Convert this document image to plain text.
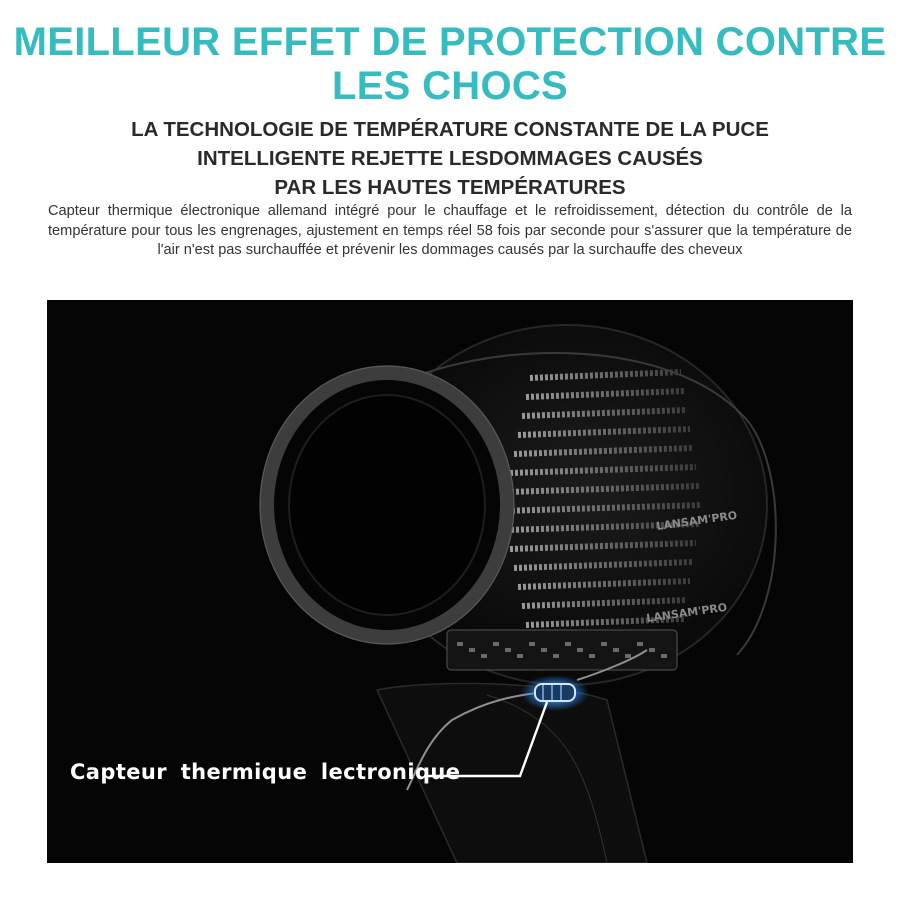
MEILLEUR EFFET DE PROTECTION CONTRE
LES CHOCS
LA TECHNOLOGIE DE TEMPÉRATURE CONSTANTE DE LA PUCE
INTELLIGENTE REJETTE LESDOMMAGES CAUSÉS
PAR LES HAUTES TEMPÉRATURES

Capteur thermique électronique allemand intégré pour le chauffage et le refroidissement, détection du contrôle de la température pour tous les engrenages, ajustement en temps réel 58 fois par seconde pour s'assurer que la température de l'air n'est pas surchauffée et prévenir les dommages causés par la surchauffe des cheveux

LANSAM'PRO
LANSAM'PRO
Capteur thermique lectronique
